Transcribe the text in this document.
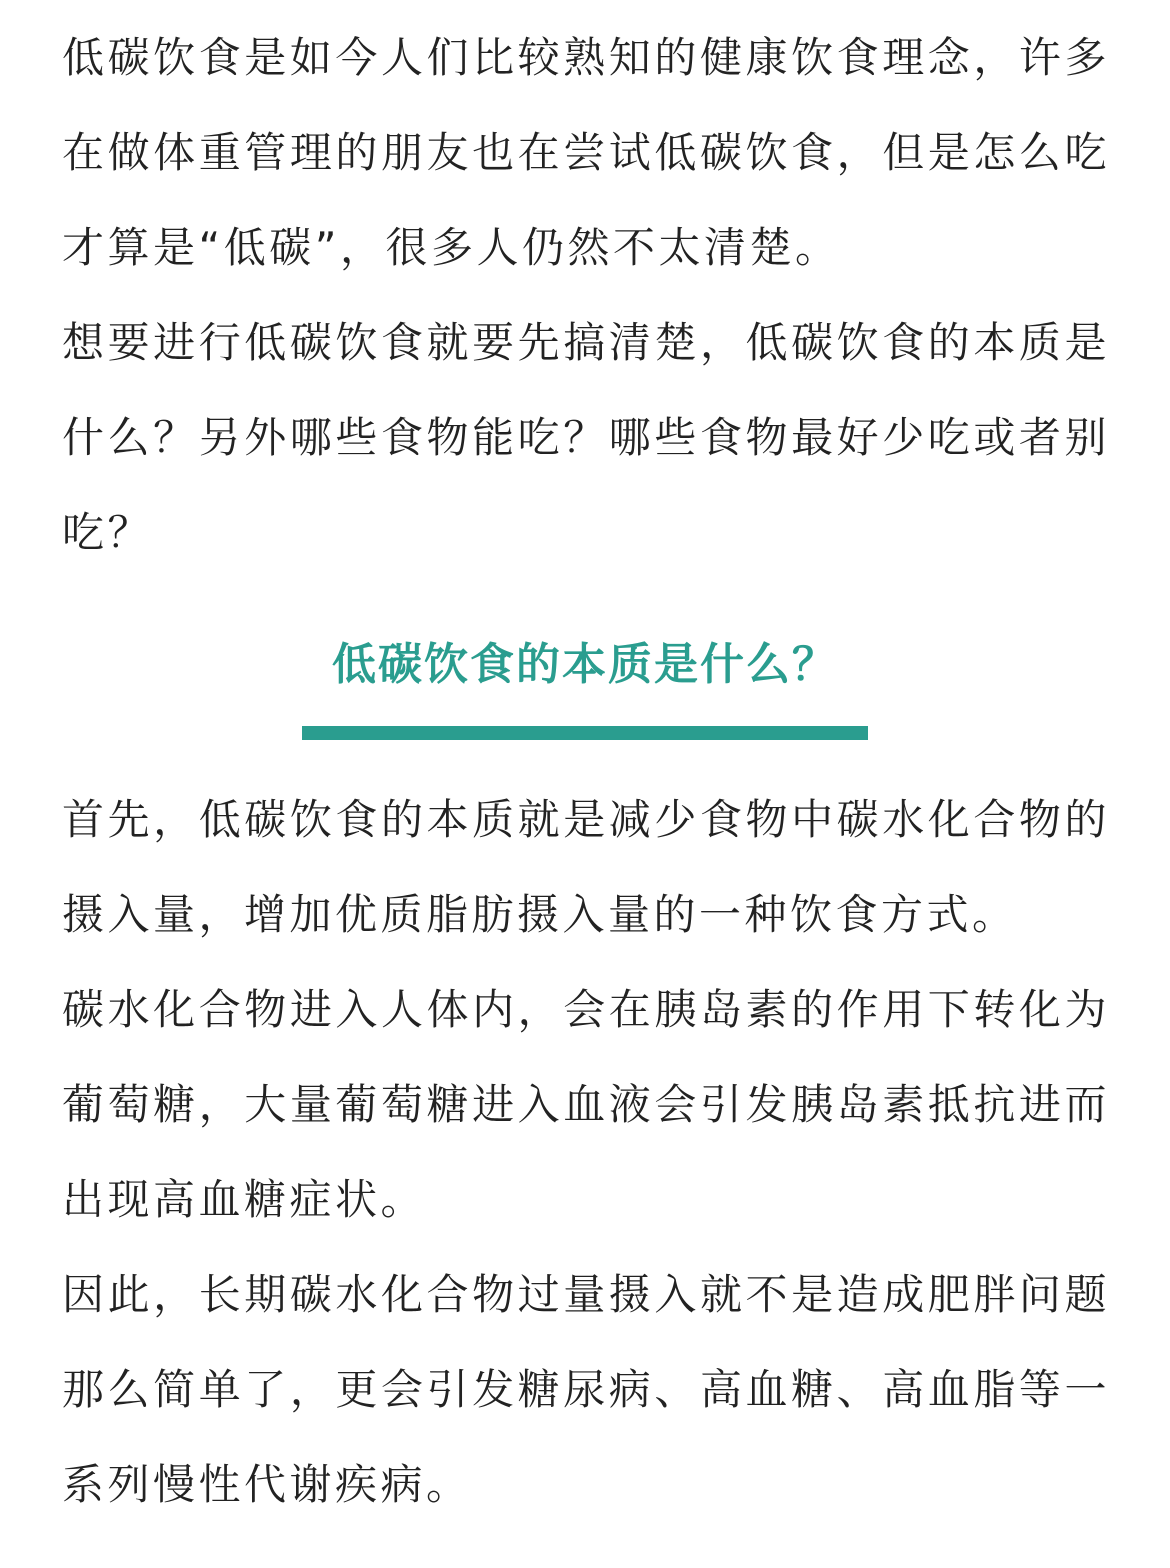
低碳饮食是如今人们比较熟知的健康饮食理念，许多在做体重管理的朋友也在尝试低碳饮食，但是怎么吃才算是“低碳”，很多人仍然不太清楚。

想要进行低碳饮食就要先搞清楚，低碳饮食的本质是什么？另外哪些食物能吃？哪些食物最好少吃或者别吃？

低碳饮食的本质是什么？

首先，低碳饮食的本质就是减少食物中碳水化合物的摄入量，增加优质脂肪摄入量的一种饮食方式。

碳水化合物进入人体内，会在胰岛素的作用下转化为葡萄糖，大量葡萄糖进入血液会引发胰岛素抵抗进而出现高血糖症状。

因此，长期碳水化合物过量摄入就不是造成肥胖问题那么简单了，更会引发糖尿病、高血糖、高血脂等一系列慢性代谢疾病。
